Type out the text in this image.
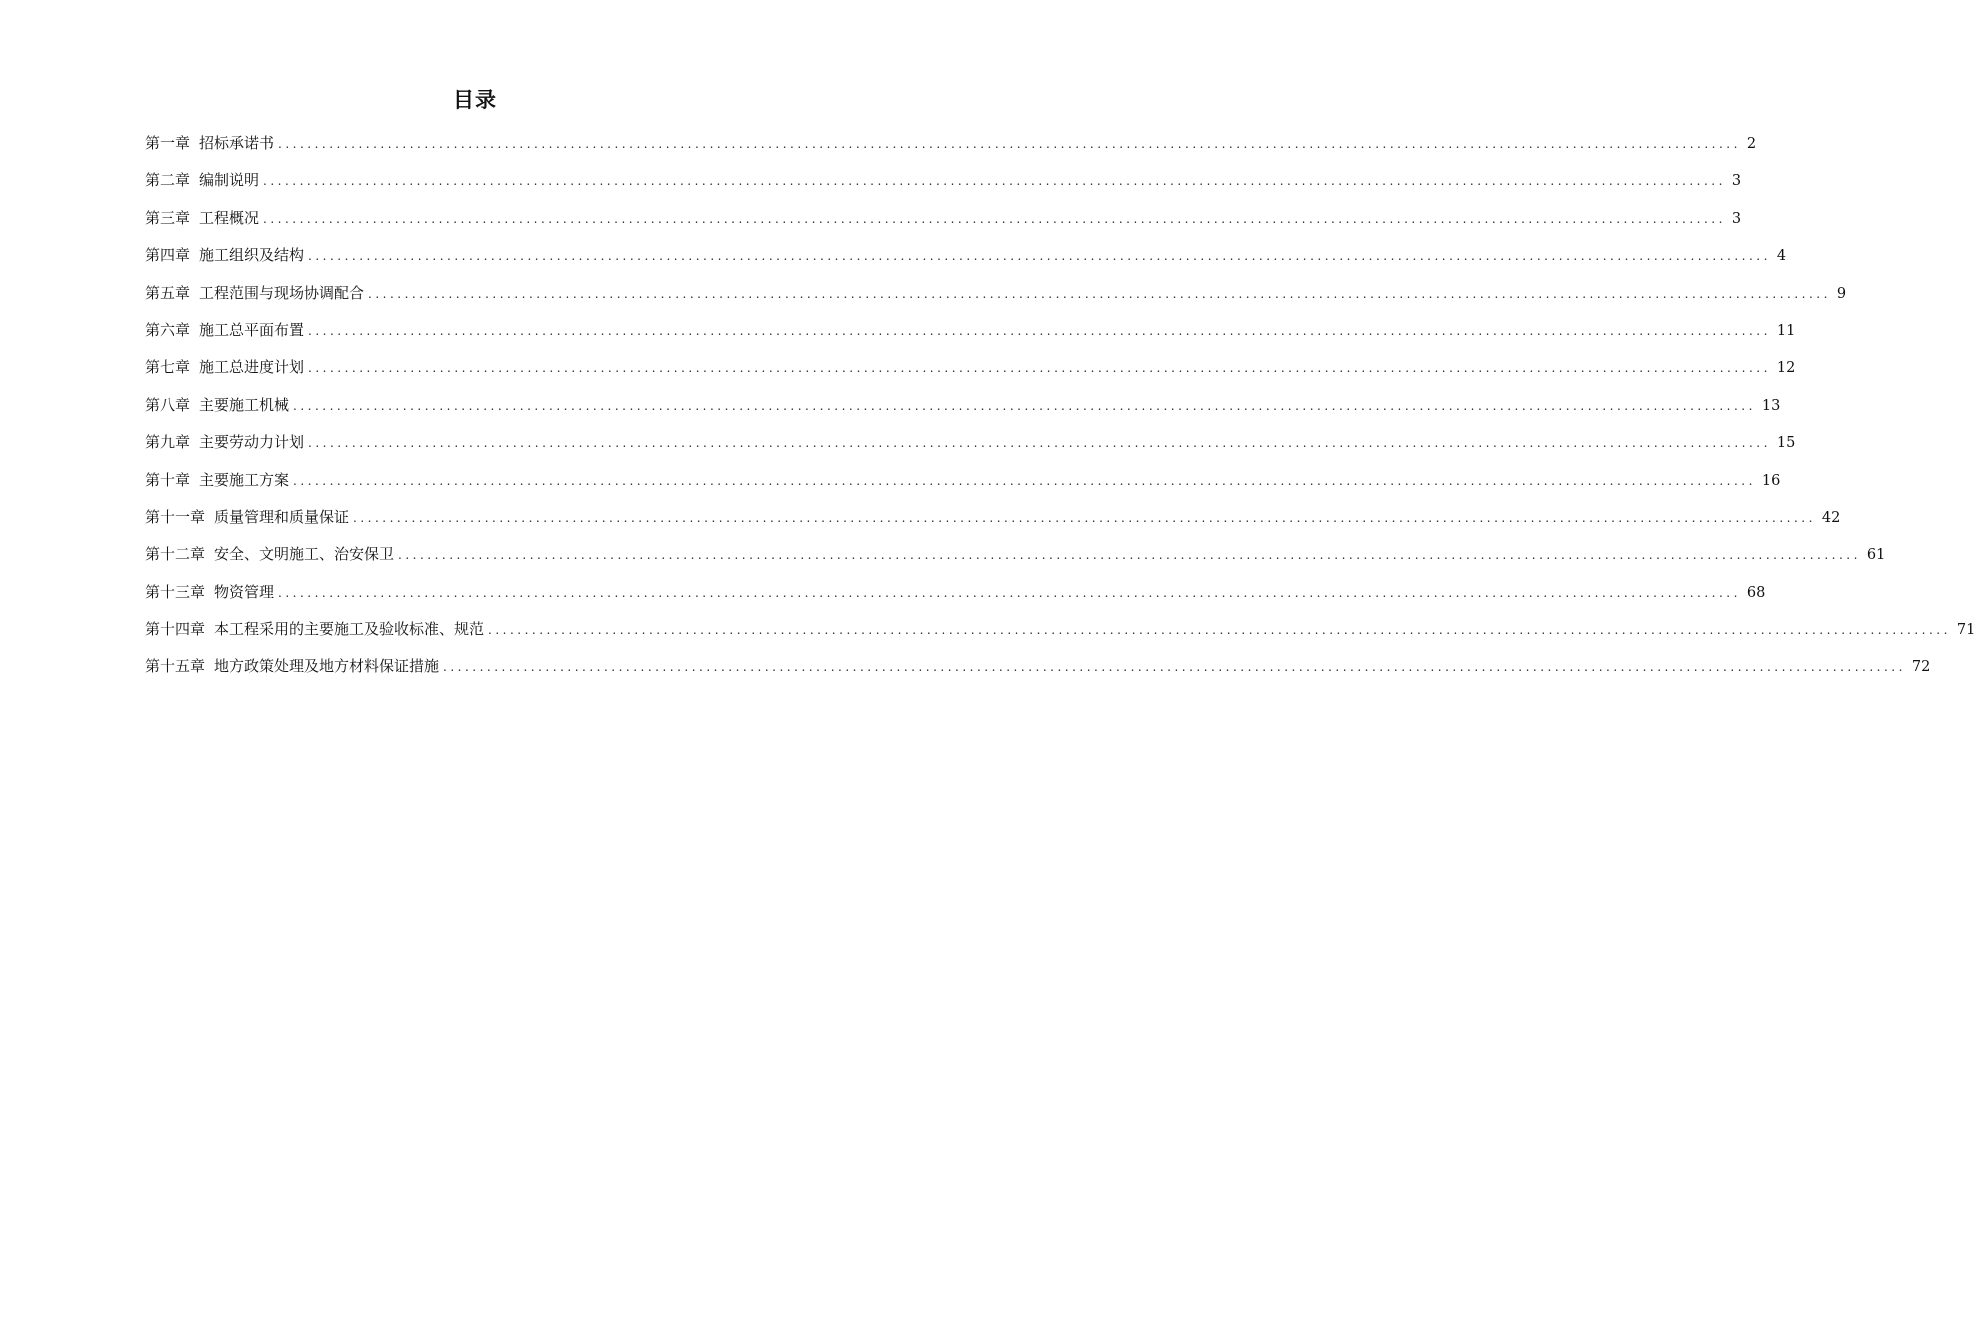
目录
第一章 招标承诺书 ........................................................................................................................................................................................................ 2
第二章 编制说明 ........................................................................................................................................................................................................ 3
第三章 工程概况 ........................................................................................................................................................................................................ 3
第四章 施工组织及结构 ........................................................................................................................................................................................................ 4
第五章 工程范围与现场协调配合 ........................................................................................................................................................................................................ 9
第六章 施工总平面布置 ........................................................................................................................................................................................................ 11
第七章 施工总进度计划 ........................................................................................................................................................................................................ 12
第八章 主要施工机械 ........................................................................................................................................................................................................ 13
第九章 主要劳动力计划 ........................................................................................................................................................................................................ 15
第十章 主要施工方案 ........................................................................................................................................................................................................ 16
第十一章 质量管理和质量保证 ........................................................................................................................................................................................................ 42
第十二章 安全、文明施工、治安保卫 ........................................................................................................................................................................................................ 61
第十三章 物资管理 ........................................................................................................................................................................................................ 68
第十四章 本工程采用的主要施工及验收标准、规范 ........................................................................................................................................................................................................ 71
第十五章 地方政策处理及地方材料保证措施 ........................................................................................................................................................................................................ 72
